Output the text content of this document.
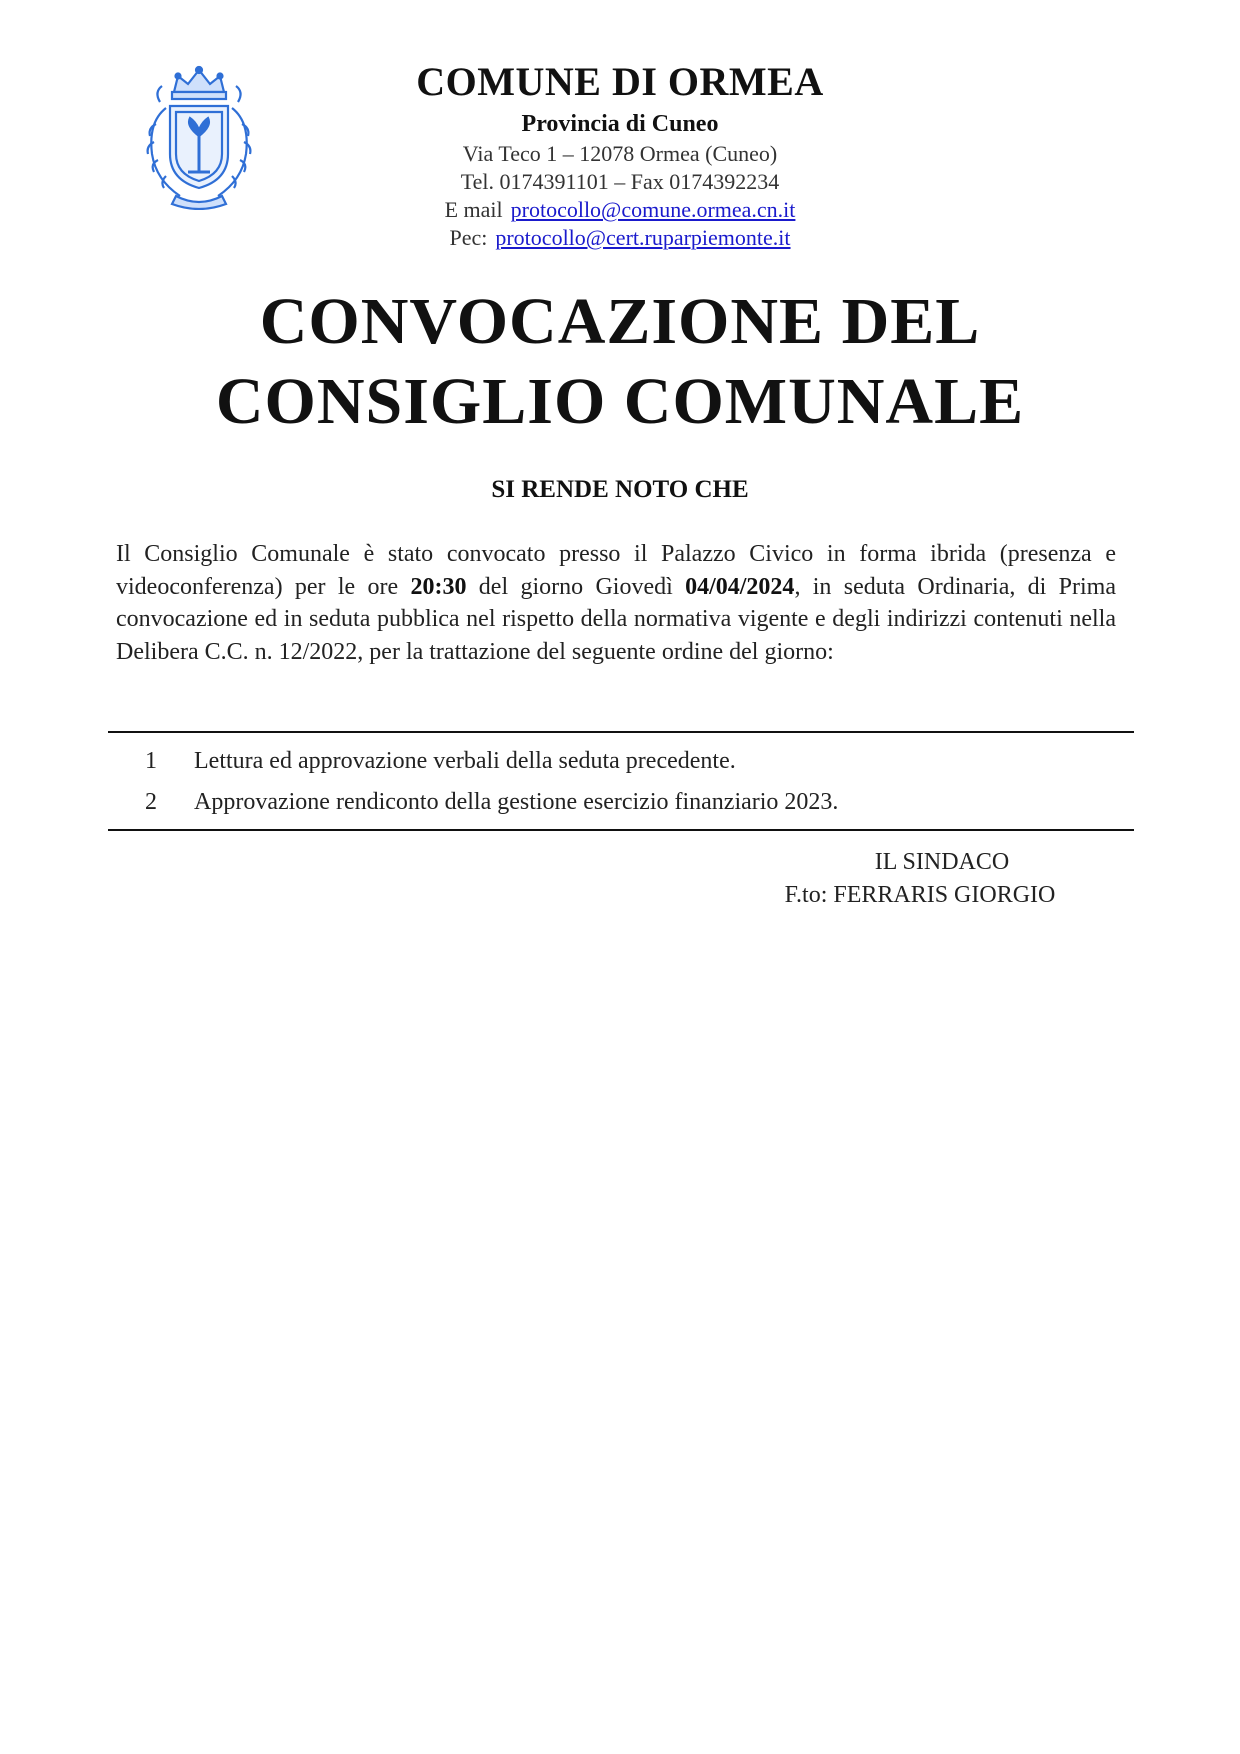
COMUNE DI ORMEA
Provincia di Cuneo
Via Teco 1 – 12078 Ormea (Cuneo)
Tel. 0174391101 – Fax 0174392234
E mail protocollo@comune.ormea.cn.it
Pec: protocollo@cert.ruparpiemonte.it
CONVOCAZIONE DEL
CONSIGLIO COMUNALE
SI RENDE NOTO CHE
Il Consiglio Comunale è stato convocato presso il Palazzo Civico in forma ibrida (presenza e videoconferenza) per le ore 20:30 del giorno Giovedì 04/04/2024, in seduta Ordinaria, di Prima convocazione ed in seduta pubblica nel rispetto della normativa vigente e degli indirizzi contenuti nella Delibera C.C. n. 12/2022, per la trattazione del seguente ordine del giorno:
1	Lettura ed approvazione verbali della seduta precedente.
2	Approvazione rendiconto della gestione esercizio finanziario 2023.
IL SINDACO
F.to: FERRARIS GIORGIO
